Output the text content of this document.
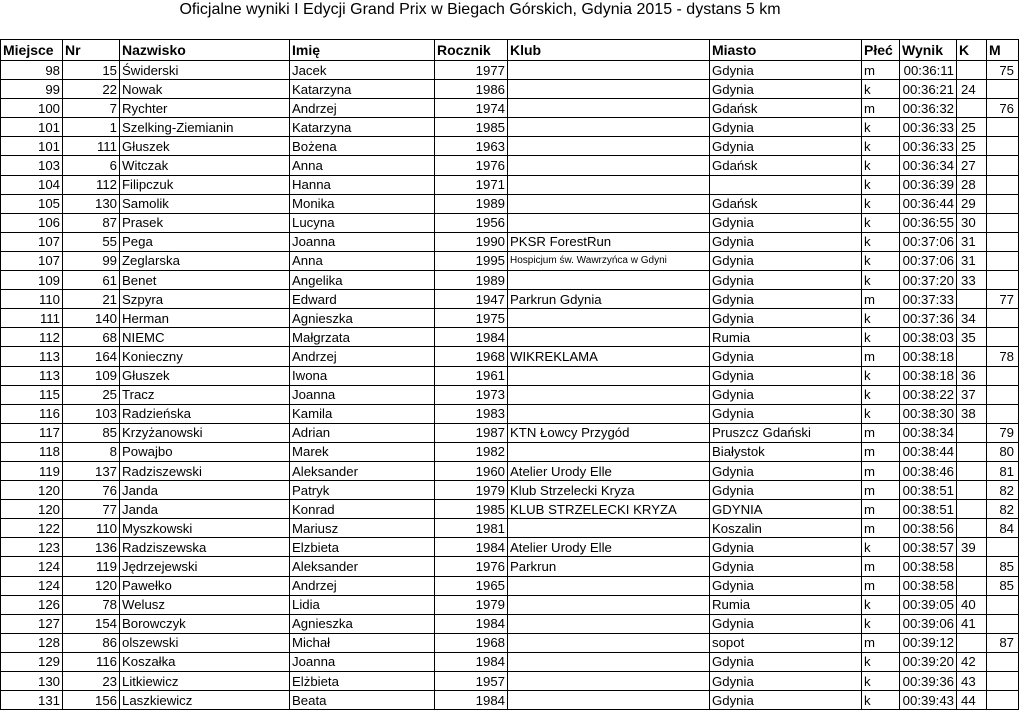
Oficjalne wyniki I Edycji Grand Prix w Biegach Górskich, Gdynia 2015 - dystans 5 km
Miejsce	Nr	Nazwisko	Imię	Rocznik	Klub	Miasto	Płeć	Wynik	K	M
98	15	Świderski	Jacek	1977		Gdynia	m	00:36:11		75
99	22	Nowak	Katarzyna	1986		Gdynia	k	00:36:21	24	
100	7	Rychter	Andrzej	1974		Gdańsk	m	00:36:32		76
101	1	Szelking-Ziemianin	Katarzyna	1985		Gdynia	k	00:36:33	25	
101	111	Głuszek	Bożena	1963		Gdynia	k	00:36:33	25	
103	6	Witczak	Anna	1976		Gdańsk	k	00:36:34	27	
104	112	Filipczuk	Hanna	1971			k	00:36:39	28	
105	130	Samolik	Monika	1989		Gdańsk	k	00:36:44	29	
106	87	Prasek	Lucyna	1956		Gdynia	k	00:36:55	30	
107	55	Pega	Joanna	1990	PKSR ForestRun	Gdynia	k	00:37:06	31	
107	99	Zeglarska	Anna	1995	Hospicjum św. Wawrzyńca w Gdyni	Gdynia	k	00:37:06	31	
109	61	Benet	Angelika	1989		Gdynia	k	00:37:20	33	
110	21	Szpyra	Edward	1947	Parkrun Gdynia	Gdynia	m	00:37:33		77
111	140	Herman	Agnieszka	1975		Gdynia	k	00:37:36	34	
112	68	NIEMC	Małgrzata	1984		Rumia	k	00:38:03	35	
113	164	Konieczny	Andrzej	1968	WIKREKLAMA	Gdynia	m	00:38:18		78
113	109	Głuszek	Iwona	1961		Gdynia	k	00:38:18	36	
115	25	Tracz	Joanna	1973		Gdynia	k	00:38:22	37	
116	103	Radzieńska	Kamila	1983		Gdynia	k	00:38:30	38	
117	85	Krzyżanowski	Adrian	1987	KTN Łowcy Przygód	Pruszcz Gdański	m	00:38:34		79
118	8	Powajbo	Marek	1982		Białystok	m	00:38:44		80
119	137	Radziszewski	Aleksander	1960	Atelier Urody Elle	Gdynia	m	00:38:46		81
120	76	Janda	Patryk	1979	Klub Strzelecki Kryza	Gdynia	m	00:38:51		82
120	77	Janda	Konrad	1985	KLUB STRZELECKI KRYZA	GDYNIA	m	00:38:51		82
122	110	Myszkowski	Mariusz	1981		Koszalin	m	00:38:56		84
123	136	Radziszewska	Elzbieta	1984	Atelier Urody Elle	Gdynia	k	00:38:57	39	
124	119	Jędrzejewski	Aleksander	1976	Parkrun	Gdynia	m	00:38:58		85
124	120	Pawełko	Andrzej	1965		Gdynia	m	00:38:58		85
126	78	Welusz	Lidia	1979		Rumia	k	00:39:05	40	
127	154	Borowczyk	Agnieszka	1984		Gdynia	k	00:39:06	41	
128	86	olszewski	Michał	1968		sopot	m	00:39:12		87
129	116	Koszałka	Joanna	1984		Gdynia	k	00:39:20	42	
130	23	Litkiewicz	Elżbieta	1957		Gdynia	k	00:39:36	43	
131	156	Laszkiewicz	Beata	1984		Gdynia	k	00:39:43	44	
